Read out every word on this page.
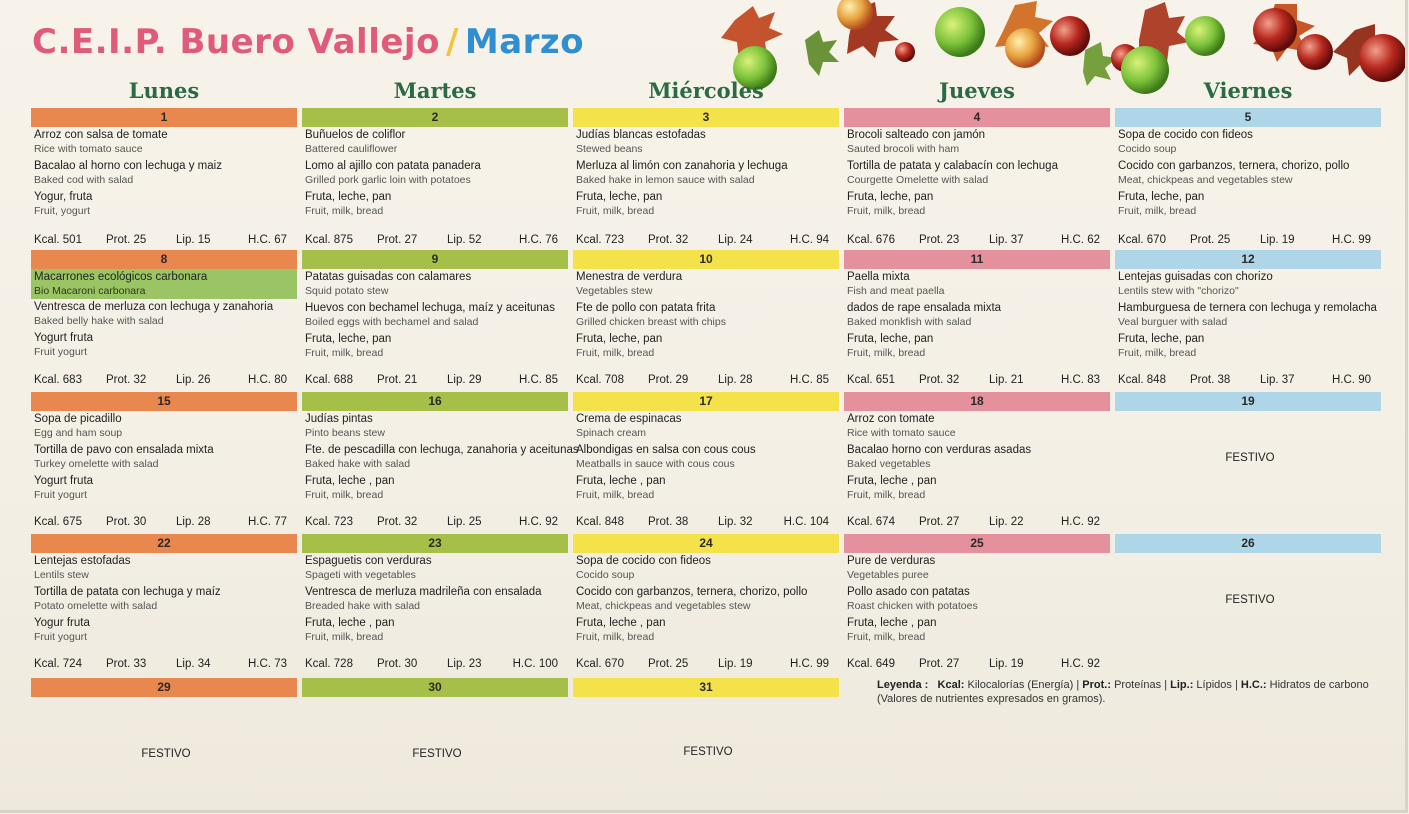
C.E.I.P. Buero Vallejo / Marzo
Lunes	Martes	Miércoles	Jueves	Viernes
1
Arroz con salsa de tomate
Rice with tomato sauce
Bacalao al horno con lechuga y maiz
Baked cod with salad
Yogur, fruta
Fruit, yogurt
Kcal. 501 Prot. 25	Lip. 15	H.C. 67
2
Buñuelos de coliflor
Battered cauliflower
Lomo al ajillo con patata panadera
Grilled pork garlic loin with potatoes
Fruta, leche, pan
Fruit, milk, bread
Kcal. 875 Prot. 27	Lip. 52	H.C. 76
3
Judías blancas estofadas
Stewed beans
Merluza al limón con zanahoria y lechuga
Baked hake in lemon sauce with salad
Fruta, leche, pan
Fruit, milk, bread
Kcal. 723 Prot. 32	Lip. 24	H.C. 94
4
Brocoli salteado con jamón
Sauted brocoli with ham
Tortilla de patata y calabacín con lechuga
Courgette Omelette with salad
Fruta, leche, pan
Fruit, milk, bread
Kcal. 676 Prot. 23	Lip. 37	H.C. 62
5
Sopa de cocido con fideos
Cocido soup
Cocido con garbanzos, ternera, chorizo, pollo
Meat, chickpeas and vegetables stew
Fruta, leche, pan
Fruit, milk, bread
Kcal. 670 Prot. 25	Lip. 19	H.C. 99
8
Macarrones ecológicos carbonara
Bio Macaroni carbonara
Ventresca de merluza con lechuga y zanahoria
Baked belly hake with salad
Yogurt fruta
Fruit yogurt
Kcal. 683 Prot. 32	Lip. 26	H.C. 80
9
Patatas guisadas con calamares
Squid potato stew
Huevos con bechamel lechuga, maíz y aceitunas
Boiled eggs with bechamel and salad
Fruta, leche, pan
Fruit, milk, bread
Kcal. 688 Prot. 21	Lip. 29	H.C. 85
10
Menestra de verdura
Vegetables stew
Fte de pollo con patata frita
Grilled chicken breast with chips
Fruta, leche, pan
Fruit, milk, bread
Kcal. 708 Prot. 29	Lip. 28	H.C. 85
11
Paella mixta
Fish and meat paella
dados de rape ensalada mixta
Baked monkfish with salad
Fruta, leche, pan
Fruit, milk, bread
Kcal. 651 Prot. 32	Lip. 21	H.C. 83
12
Lentejas guisadas con chorizo
Lentils stew with "chorizo"
Hamburguesa de ternera con lechuga y remolacha
Veal burguer with salad
Fruta, leche, pan
Fruit, milk, bread
Kcal. 848 Prot. 38	Lip. 37	H.C. 90
15
Sopa de picadillo
Egg and ham soup
Tortilla de pavo con ensalada mixta
Turkey omelette with salad
Yogurt fruta
Fruit yogurt
Kcal. 675 Prot. 30	Lip. 28	H.C. 77
16
Judías pintas
Pinto beans stew
Fte. de pescadilla con lechuga, zanahoria y aceitunas
Baked hake with salad
Fruta, leche , pan
Fruit, milk, bread
Kcal. 723 Prot. 32	Lip. 25	H.C. 92
17
Crema de espinacas
Spinach cream
Albondigas en salsa con cous cous
Meatballs in sauce with cous cous
Fruta, leche , pan
Fruit, milk, bread
Kcal. 848 Prot. 38	Lip. 32	H.C. 104
18
Arroz con tomate
Rice with tomato sauce
Bacalao horno con verduras asadas
Baked vegetables
Fruta, leche , pan
Fruit, milk, bread
Kcal. 674 Prot. 27	Lip. 22	H.C. 92
19
FESTIVO
22
Lentejas estofadas
Lentils stew
Tortilla de patata con lechuga y maíz
Potato omelette with salad
Yogur fruta
Fruit yogurt
Kcal. 724 Prot. 33	Lip. 34	H.C. 73
23
Espaguetis con verduras
Spageti with vegetables
Ventresca de merluza madrileña con ensalada
Breaded hake with salad
Fruta, leche , pan
Fruit, milk, bread
Kcal. 728 Prot. 30	Lip. 23	H.C. 100
24
Sopa de cocido con fideos
Cocido soup
Cocido con garbanzos, ternera, chorizo, pollo
Meat, chickpeas and vegetables stew
Fruta, leche , pan
Fruit, milk, bread
Kcal. 670 Prot. 25	Lip. 19	H.C. 99
25
Pure de verduras
Vegetables puree
Pollo asado con patatas
Roast chicken with potatoes
Fruta, leche , pan
Fruit, milk, bread
Kcal. 649 Prot. 27	Lip. 19	H.C. 92
26
FESTIVO
29
FESTIVO
30
FESTIVO
31
FESTIVO
Leyenda : Kcal: Kilocalorías (Energía) | Prot.: Proteínas | Lip.: Lípidos | H.C.: Hidratos de carbono
(Valores de nutrientes expresados en gramos).
